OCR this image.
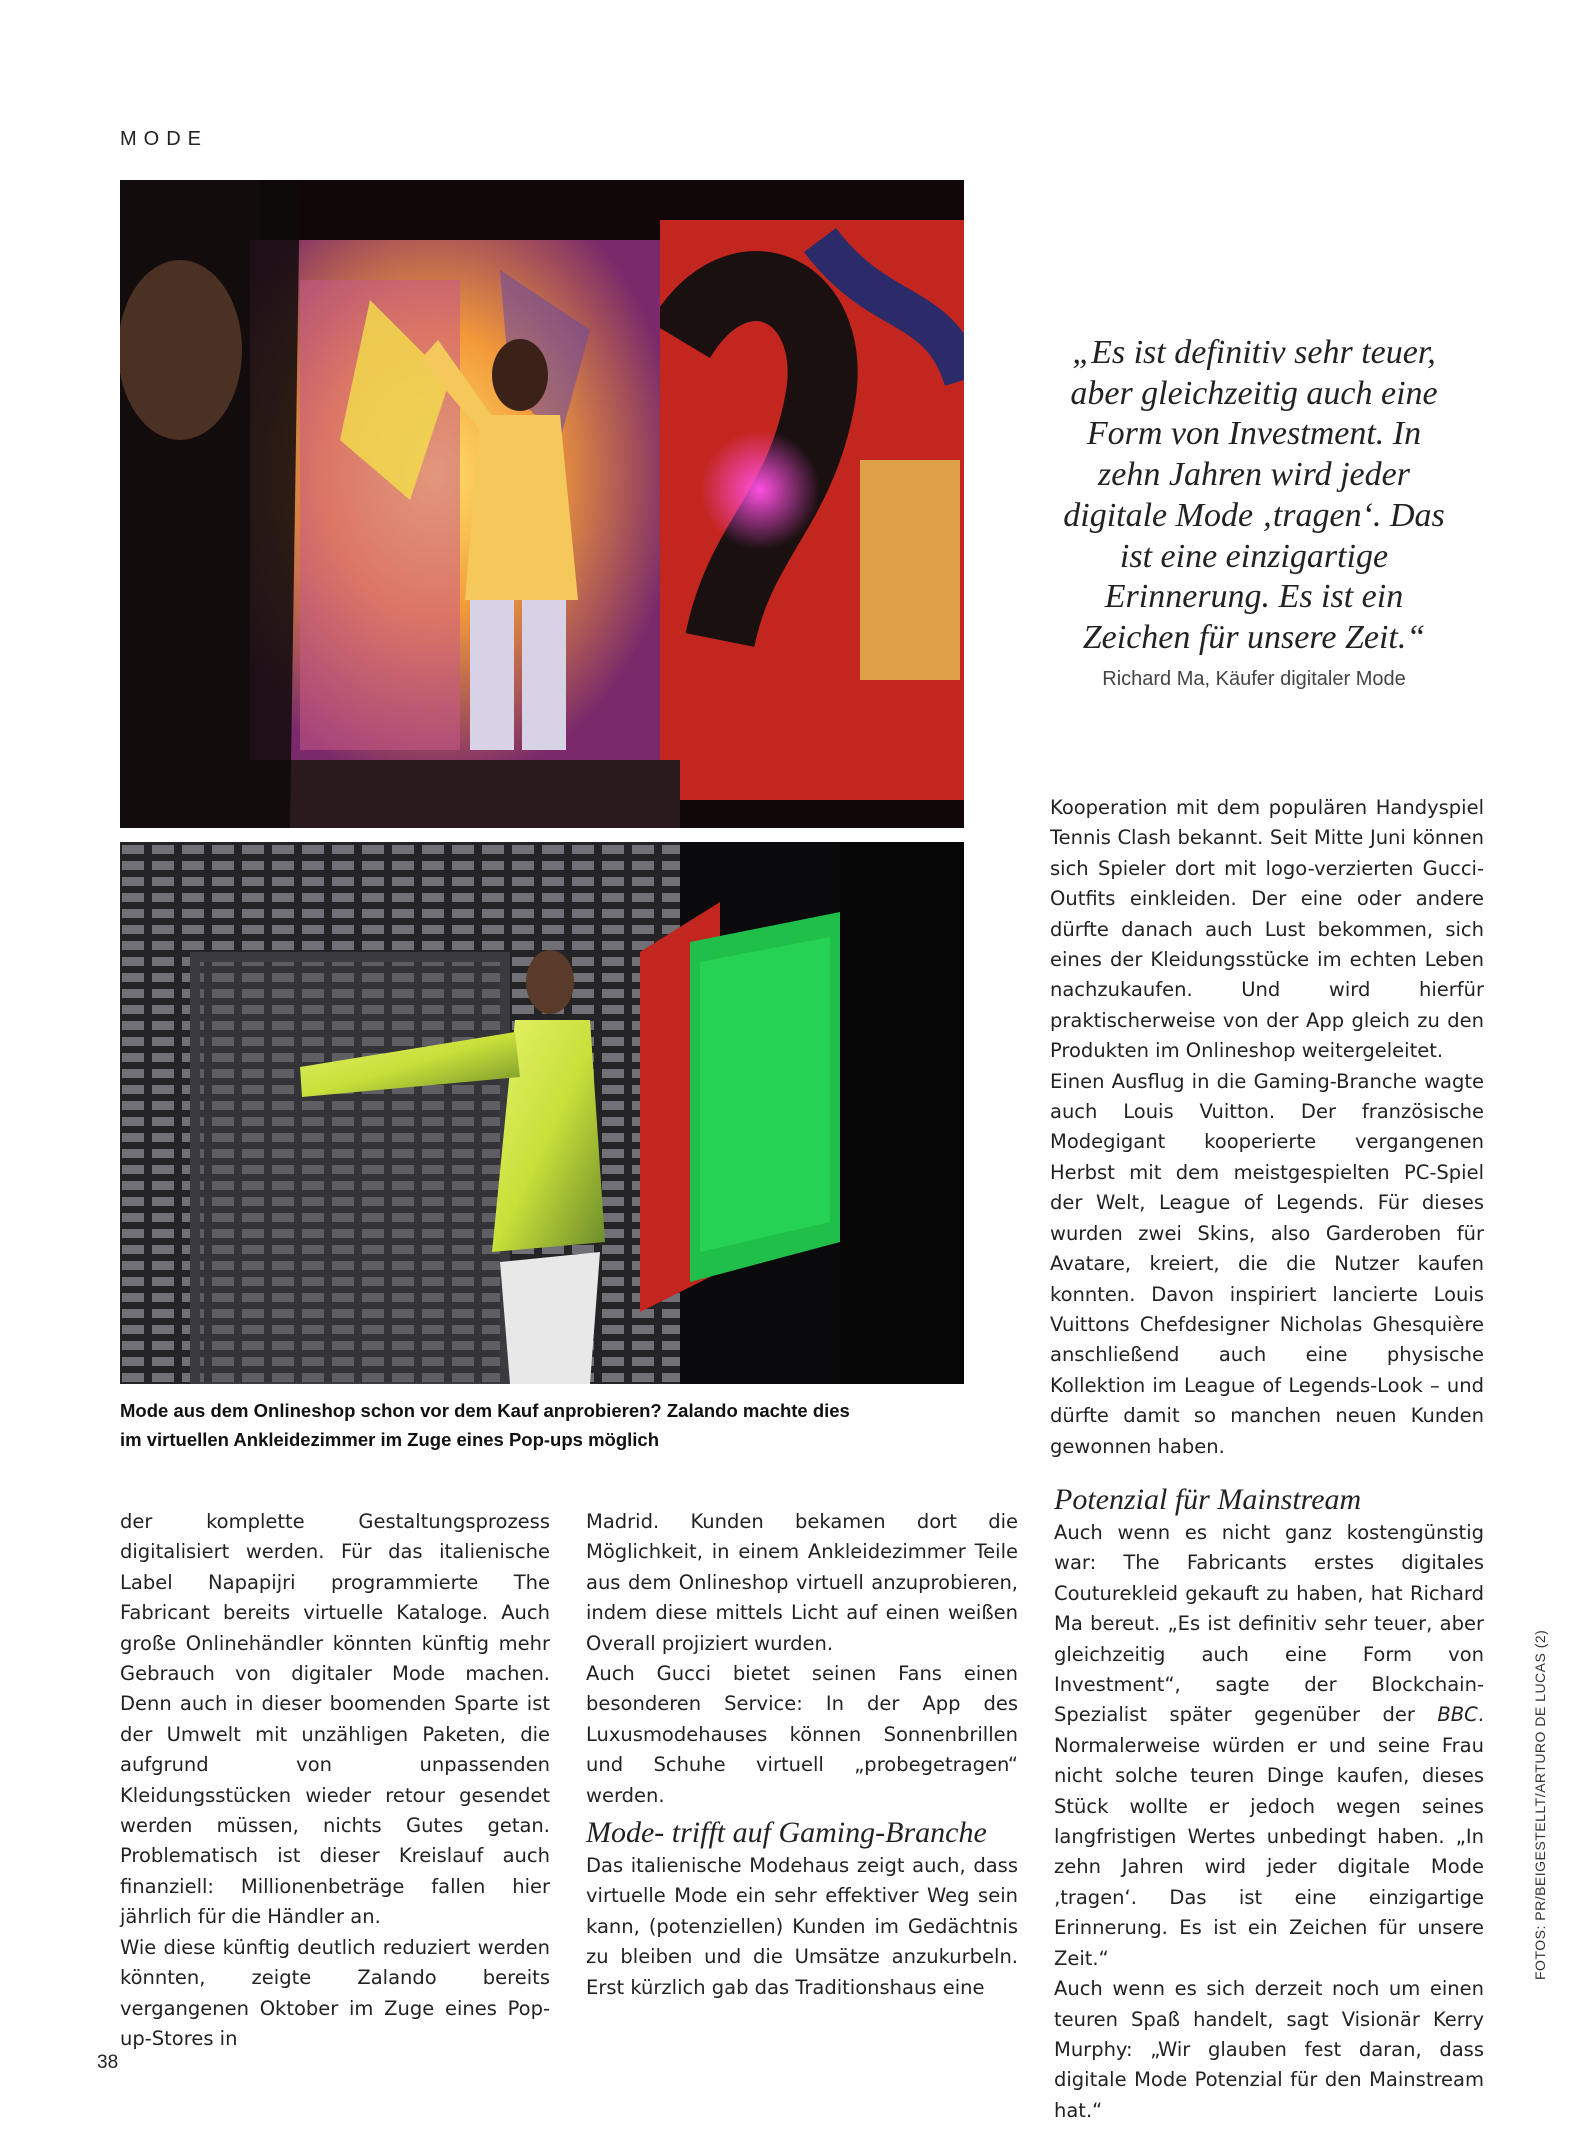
MODE
Mode aus dem Onlineshop schon vor dem Kauf anprobieren? Zalando machte dies
im virtuellen Ankleidezimmer im Zuge eines Pop-ups möglich
„Es ist definitiv sehr teuer, aber gleichzeitig auch eine Form von Investment. In zehn Jahren wird jeder digitale Mode ‚tragen‘. Das ist eine einzigartige Erinnerung. Es ist ein Zeichen für unsere Zeit.“
Richard Ma, Käufer digitaler Mode

der komplette Gestaltungsprozess digitalisiert werden. Für das italienische Label Napapijri programmierte The Fabricant bereits virtuelle Kataloge. Auch große Onlinehändler könnten künftig mehr Gebrauch von digitaler Mode machen. Denn auch in dieser boomenden Sparte ist der Umwelt mit unzähligen Paketen, die aufgrund von unpassenden Kleidungsstücken wieder retour gesendet werden müssen, nichts Gutes getan. Problematisch ist dieser Kreislauf auch finanziell: Millionenbeträge fallen hier jährlich für die Händler an.

Wie diese künftig deutlich reduziert werden könnten, zeigte Zalando bereits vergangenen Oktober im Zuge eines Pop-up-Stores in

Madrid. Kunden bekamen dort die Möglichkeit, in einem Ankleidezimmer Teile aus dem Onlineshop virtuell anzuprobieren, indem diese mittels Licht auf einen weißen Overall projiziert wurden.

Auch Gucci bietet seinen Fans einen besonderen Service: In der App des Luxusmodehauses können Sonnenbrillen und Schuhe virtuell „probegetragen“ werden.

Mode- trifft auf Gaming-Branche

Das italienische Modehaus zeigt auch, dass virtuelle Mode ein sehr effektiver Weg sein kann, (potenziellen) Kunden im Gedächtnis zu bleiben und die Umsätze anzukurbeln. Erst kürzlich gab das Traditionshaus eine

Kooperation mit dem populären Handyspiel Tennis Clash bekannt. Seit Mitte Juni können sich Spieler dort mit logo-verzierten Gucci-Outfits einkleiden. Der eine oder andere dürfte danach auch Lust bekommen, sich eines der Kleidungsstücke im echten Leben nachzukaufen. Und wird hierfür praktischerweise von der App gleich zu den Produkten im Onlineshop weitergeleitet.

Einen Ausflug in die Gaming-Branche wagte auch Louis Vuitton. Der französische Modegigant kooperierte vergangenen Herbst mit dem meistgespielten PC-Spiel der Welt, League of Legends. Für dieses wurden zwei Skins, also Garderoben für Avatare, kreiert, die die Nutzer kaufen konnten. Davon inspiriert lancierte Louis Vuittons Chefdesigner Nicholas Ghesquière anschließend auch eine physische Kollektion im League of Legends-Look – und dürfte damit so manchen neuen Kunden gewonnen haben.

Potenzial für Mainstream

Auch wenn es nicht ganz kostengünstig war: The Fabricants erstes digitales Couturekleid gekauft zu haben, hat Richard Ma bereut. „Es ist definitiv sehr teuer, aber gleichzeitig auch eine Form von Investment“, sagte der Blockchain-Spezialist später gegenüber der BBC. Normalerweise würden er und seine Frau nicht solche teuren Dinge kaufen, dieses Stück wollte er jedoch wegen seines langfristigen Wertes unbedingt haben. „In zehn Jahren wird jeder digitale Mode ‚tragen‘. Das ist eine einzigartige Erinnerung. Es ist ein Zeichen für unsere Zeit.“

Auch wenn es sich derzeit noch um einen teuren Spaß handelt, sagt Visionär Kerry Murphy: „Wir glauben fest daran, dass digitale Mode Potenzial für den Mainstream hat.“

FOTOS: PR/BEIGESTELLT/ARTURO DE LUCAS (2)
38
